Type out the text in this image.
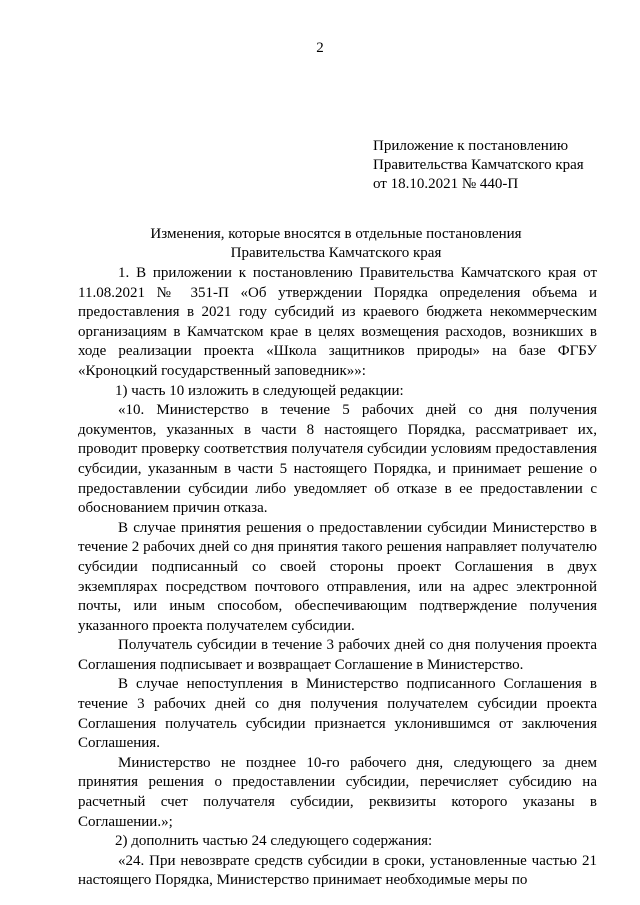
2
Приложение к постановлению
Правительства Камчатского края
от 18.10.2021 № 440-П
Изменения, которые вносятся в отдельные постановления
Правительства Камчатского края

1. В приложении к постановлению Правительства Камчатского края от 11.08.2021 № 351-П «Об утверждении Порядка определения объема и предоставления в 2021 году субсидий из краевого бюджета некоммерческим организациям в Камчатском крае в целях возмещения расходов, возникших в ходе реализации проекта «Школа защитников природы» на базе ФГБУ «Кроноцкий государственный заповедник»»:

1) часть 10 изложить в следующей редакции:

«10. Министерство в течение 5 рабочих дней со дня получения документов, указанных в части 8 настоящего Порядка, рассматривает их, проводит проверку соответствия получателя субсидии условиям предоставления субсидии, указанным в части 5 настоящего Порядка, и принимает решение о предоставлении субсидии либо уведомляет об отказе в ее предоставлении с обоснованием причин отказа.

В случае принятия решения о предоставлении субсидии Министерство в течение 2 рабочих дней со дня принятия такого решения направляет получателю субсидии подписанный со своей стороны проект Соглашения в двух экземплярах посредством почтового отправления, или на адрес электронной почты, или иным способом, обеспечивающим подтверждение получения указанного проекта получателем субсидии.

Получатель субсидии в течение 3 рабочих дней со дня получения проекта Соглашения подписывает и возвращает Соглашение в Министерство.

В случае непоступления в Министерство подписанного Соглашения в течение 3 рабочих дней со дня получения получателем субсидии проекта Соглашения получатель субсидии признается уклонившимся от заключения Соглашения.

Министерство не позднее 10-го рабочего дня, следующего за днем принятия решения о предоставлении субсидии, перечисляет субсидию на расчетный счет получателя субсидии, реквизиты которого указаны в Соглашении.»;

2) дополнить частью 24 следующего содержания:

«24. При невозврате средств субсидии в сроки, установленные частью 21 настоящего Порядка, Министерство принимает необходимые меры по
